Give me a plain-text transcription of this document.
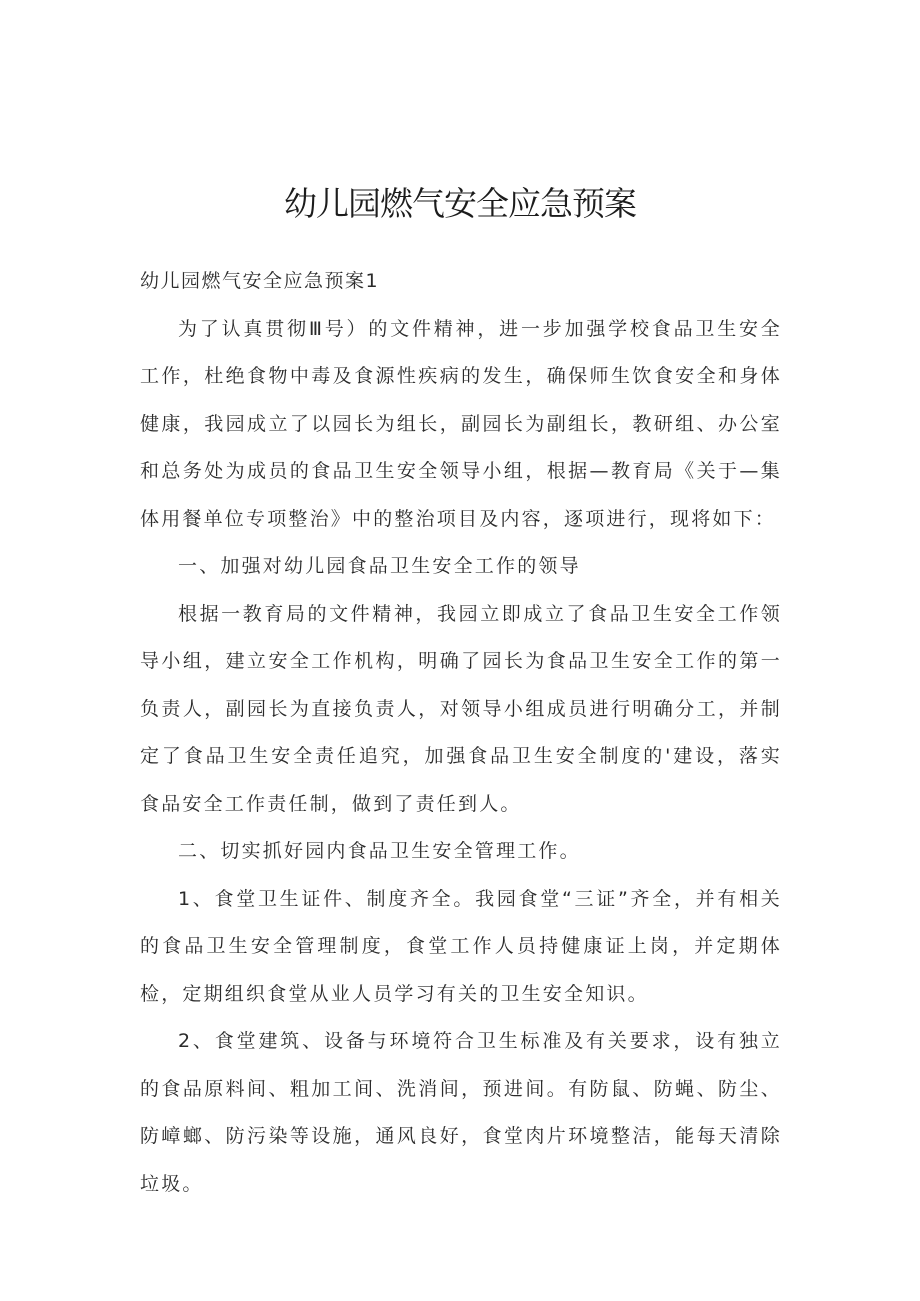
幼儿园燃气安全应急预案

幼儿园燃气安全应急预案1

为了认真贯彻Ⅲ号）的文件精神，进一步加强学校食品卫生安全工作，杜绝食物中毒及食源性疾病的发生，确保师生饮食安全和身体健康，我园成立了以园长为组长，副园长为副组长，教研组、办公室和总务处为成员的食品卫生安全领导小组，根据—教育局《关于—集体用餐单位专项整治》中的整治项目及内容，逐项进行，现将如下：

一、加强对幼儿园食品卫生安全工作的领导

根据一教育局的文件精神，我园立即成立了食品卫生安全工作领导小组，建立安全工作机构，明确了园长为食品卫生安全工作的第一负责人，副园长为直接负责人，对领导小组成员进行明确分工，并制定了食品卫生安全责任追究，加强食品卫生安全制度的'建设，落实食品安全工作责任制，做到了责任到人。

二、切实抓好园内食品卫生安全管理工作。

1、食堂卫生证件、制度齐全。我园食堂“三证”齐全，并有相关的食品卫生安全管理制度，食堂工作人员持健康证上岗，并定期体检，定期组织食堂从业人员学习有关的卫生安全知识。

2、食堂建筑、设备与环境符合卫生标准及有关要求，设有独立的食品原料间、粗加工间、洗消间，预进间。有防鼠、防蝇、防尘、防嶂螂、防污染等设施，通风良好，食堂肉片环境整洁，能每天清除垃圾。
